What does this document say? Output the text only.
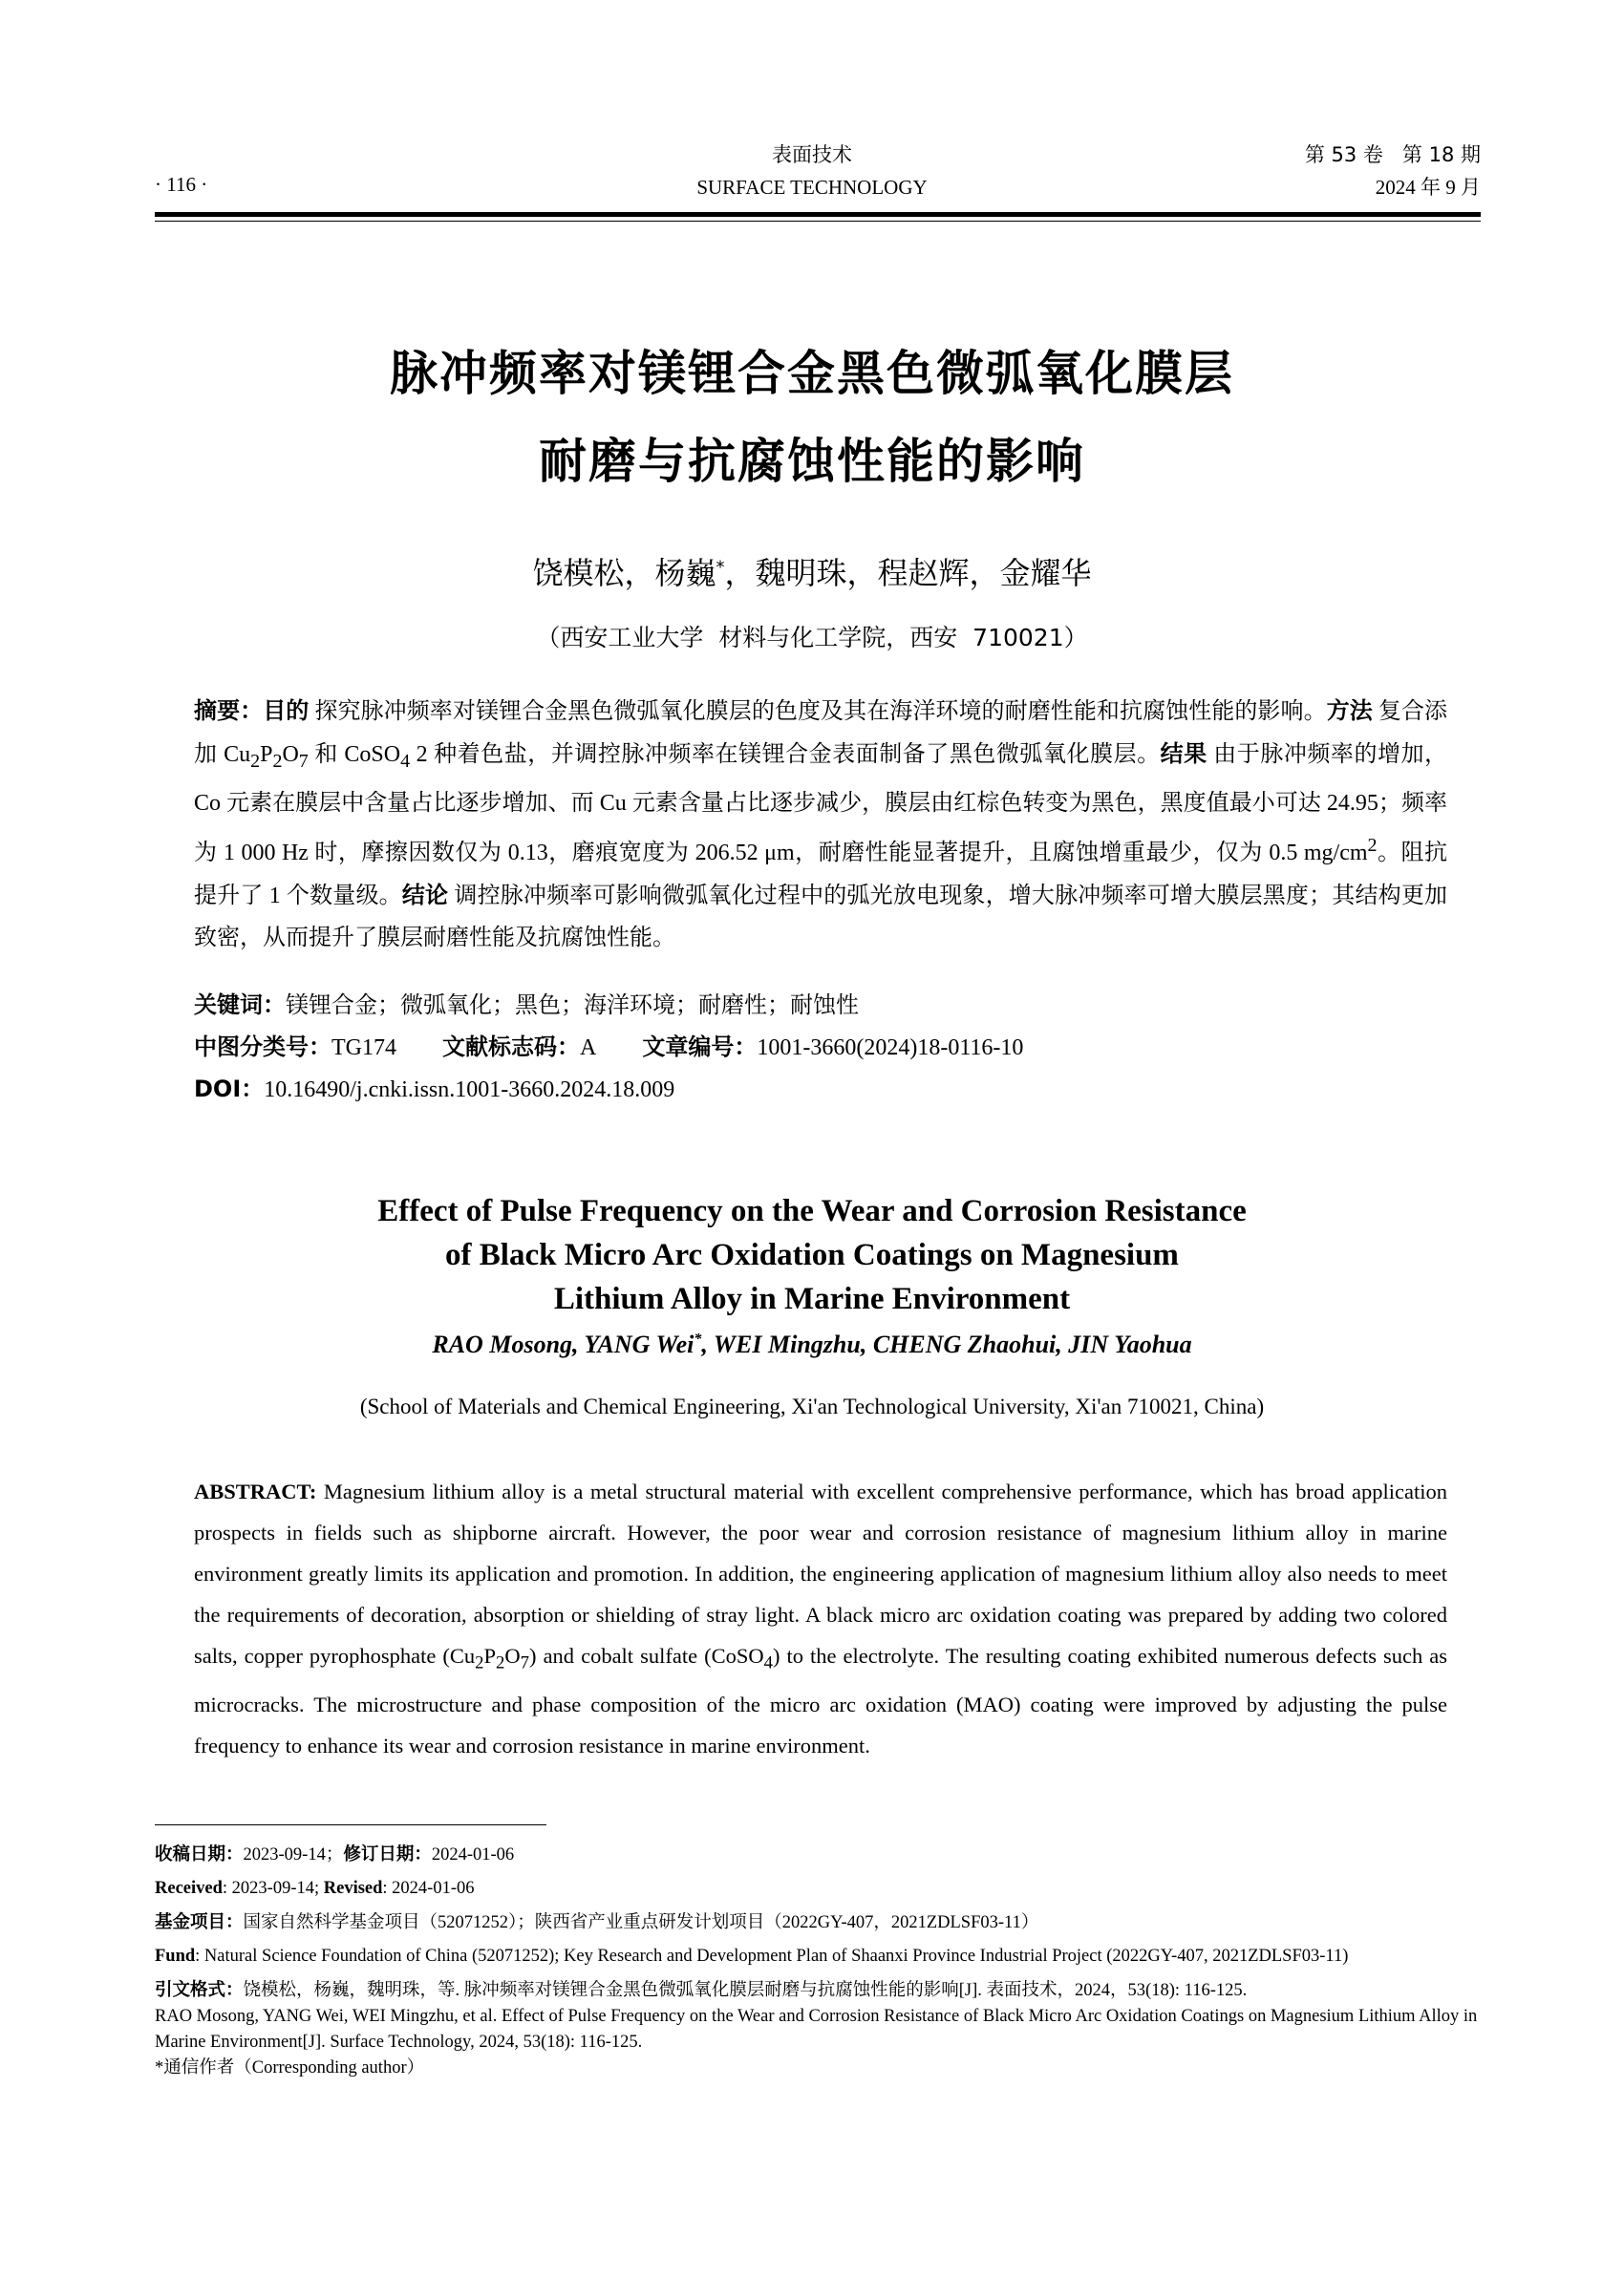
· 116 ·
表面技术
SURFACE TECHNOLOGY
第 53 卷   第 18 期
2024 年 9 月
脉冲频率对镁锂合金黑色微弧氧化膜层
耐磨与抗腐蚀性能的影响
饶模松，杨巍*，魏明珠，程赵辉，金耀华
（西安工业大学  材料与化工学院，西安  710021）
摘要：目的 探究脉冲频率对镁锂合金黑色微弧氧化膜层的色度及其在海洋环境的耐磨性能和抗腐蚀性能的影响。方法 复合添加 $Cu_2P_2O_7$ 和 CoSO$_4$ 2 种着色盐，并调控脉冲频率在镁锂合金表面制备了黑色微弧氧化膜层。结果 由于脉冲频率的增加，Co 元素在膜层中含量占比逐步增加、而 Cu 元素含量占比逐步减少，膜层由红棕色转变为黑色，黑度值最小可达 24.95；频率为 1 000 Hz 时，摩擦因数仅为 0.13，磨痕宽度为 206.52 μm，耐磨性能显著提升，且腐蚀增重最少，仅为 0.5 $mg/cm^2$。阻抗提升了 1 个数量级。结论 调控脉冲频率可影响微弧氧化过程中的弧光放电现象，增大脉冲频率可增大膜层黑度；其结构更加致密，从而提升了膜层耐磨性能及抗腐蚀性能。
关键词：镁锂合金；微弧氧化；黑色；海洋环境；耐磨性；耐蚀性
中图分类号：TG174 文献标志码：A 文章编号：1001-3660(2024)18-0116-10
DOI：10.16490/j.cnki.issn.1001-3660.2024.18.009
Effect of Pulse Frequency on the Wear and Corrosion Resistance
of Black Micro Arc Oxidation Coatings on Magnesium
Lithium Alloy in Marine Environment
RAO Mosong, YANG Wei*, WEI Mingzhu, CHENG Zhaohui, JIN Yaohua
(School of Materials and Chemical Engineering, Xi'an Technological University, Xi'an 710021, China)
ABSTRACT: Magnesium lithium alloy is a metal structural material with excellent comprehensive performance, which has broad application prospects in fields such as shipborne aircraft. However, the poor wear and corrosion resistance of magnesium lithium alloy in marine environment greatly limits its application and promotion. In addition, the engineering application of magnesium lithium alloy also needs to meet the requirements of decoration, absorption or shielding of stray light. A black micro arc oxidation coating was prepared by adding two colored salts, copper pyrophosphate $(Cu_2P_2O_7)$ and cobalt sulfate (CoSO$_4$) to the electrolyte. The resulting coating exhibited numerous defects such as microcracks. The microstructure and phase composition of the micro arc oxidation (MAO) coating were improved by adjusting the pulse frequency to enhance its wear and corrosion resistance in marine environment.
收稿日期：2023-09-14；修订日期：2024-01-06
Received: 2023-09-14; Revised: 2024-01-06
基金项目：国家自然科学基金项目（52071252）；陕西省产业重点研发计划项目（2022GY-407，2021ZDLSF03-11）
Fund: Natural Science Foundation of China (52071252); Key Research and Development Plan of Shaanxi Province Industrial Project (2022GY-407, 2021ZDLSF03-11)
引文格式：饶模松，杨巍，魏明珠，等. 脉冲频率对镁锂合金黑色微弧氧化膜层耐磨与抗腐蚀性能的影响[J]. 表面技术，2024，53(18): 116-125.
RAO Mosong, YANG Wei, WEI Mingzhu, et al. Effect of Pulse Frequency on the Wear and Corrosion Resistance of Black Micro Arc Oxidation Coatings on Magnesium Lithium Alloy in Marine Environment[J]. Surface Technology, 2024, 53(18): 116-125.
*通信作者（Corresponding author）
